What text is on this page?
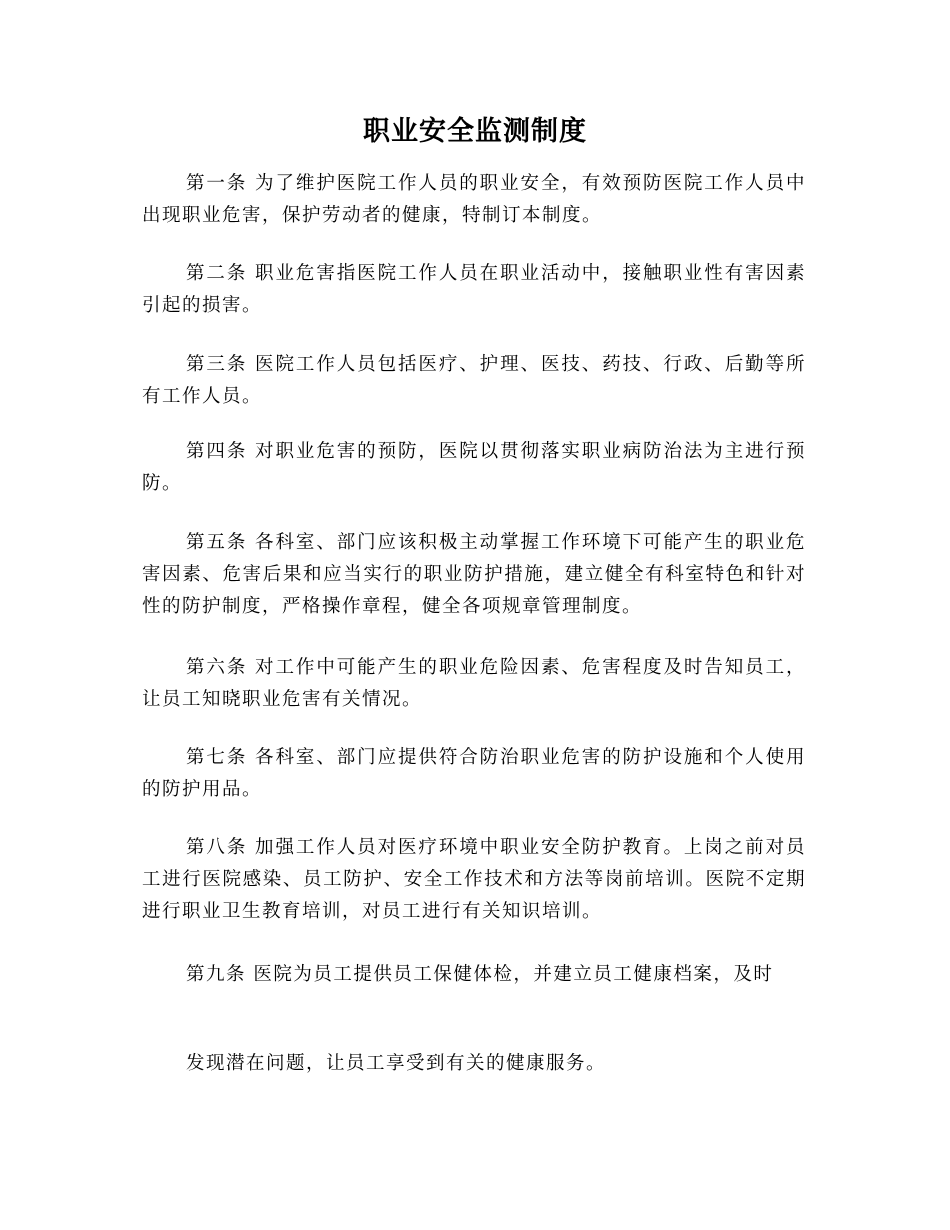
职业安全监测制度

第一条 为了维护医院工作人员的职业安全，有效预防医院工作人员中出现职业危害，保护劳动者的健康，特制订本制度。

第二条 职业危害指医院工作人员在职业活动中，接触职业性有害因素引起的损害。

第三条 医院工作人员包括医疗、护理、医技、药技、行政、后勤等所有工作人员。

第四条 对职业危害的预防，医院以贯彻落实职业病防治法为主进行预防。

第五条 各科室、部门应该积极主动掌握工作环境下可能产生的职业危害因素、危害后果和应当实行的职业防护措施，建立健全有科室特色和针对性的防护制度，严格操作章程，健全各项规章管理制度。

第六条 对工作中可能产生的职业危险因素、危害程度及时告知员工，让员工知晓职业危害有关情况。

第七条 各科室、部门应提供符合防治职业危害的防护设施和个人使用的防护用品。

第八条 加强工作人员对医疗环境中职业安全防护教育。上岗之前对员工进行医院感染、员工防护、安全工作技术和方法等岗前培训。医院不定期进行职业卫生教育培训，对员工进行有关知识培训。

第九条 医院为员工提供员工保健体检，并建立员工健康档案，及时

发现潜在问题，让员工享受到有关的健康服务。
